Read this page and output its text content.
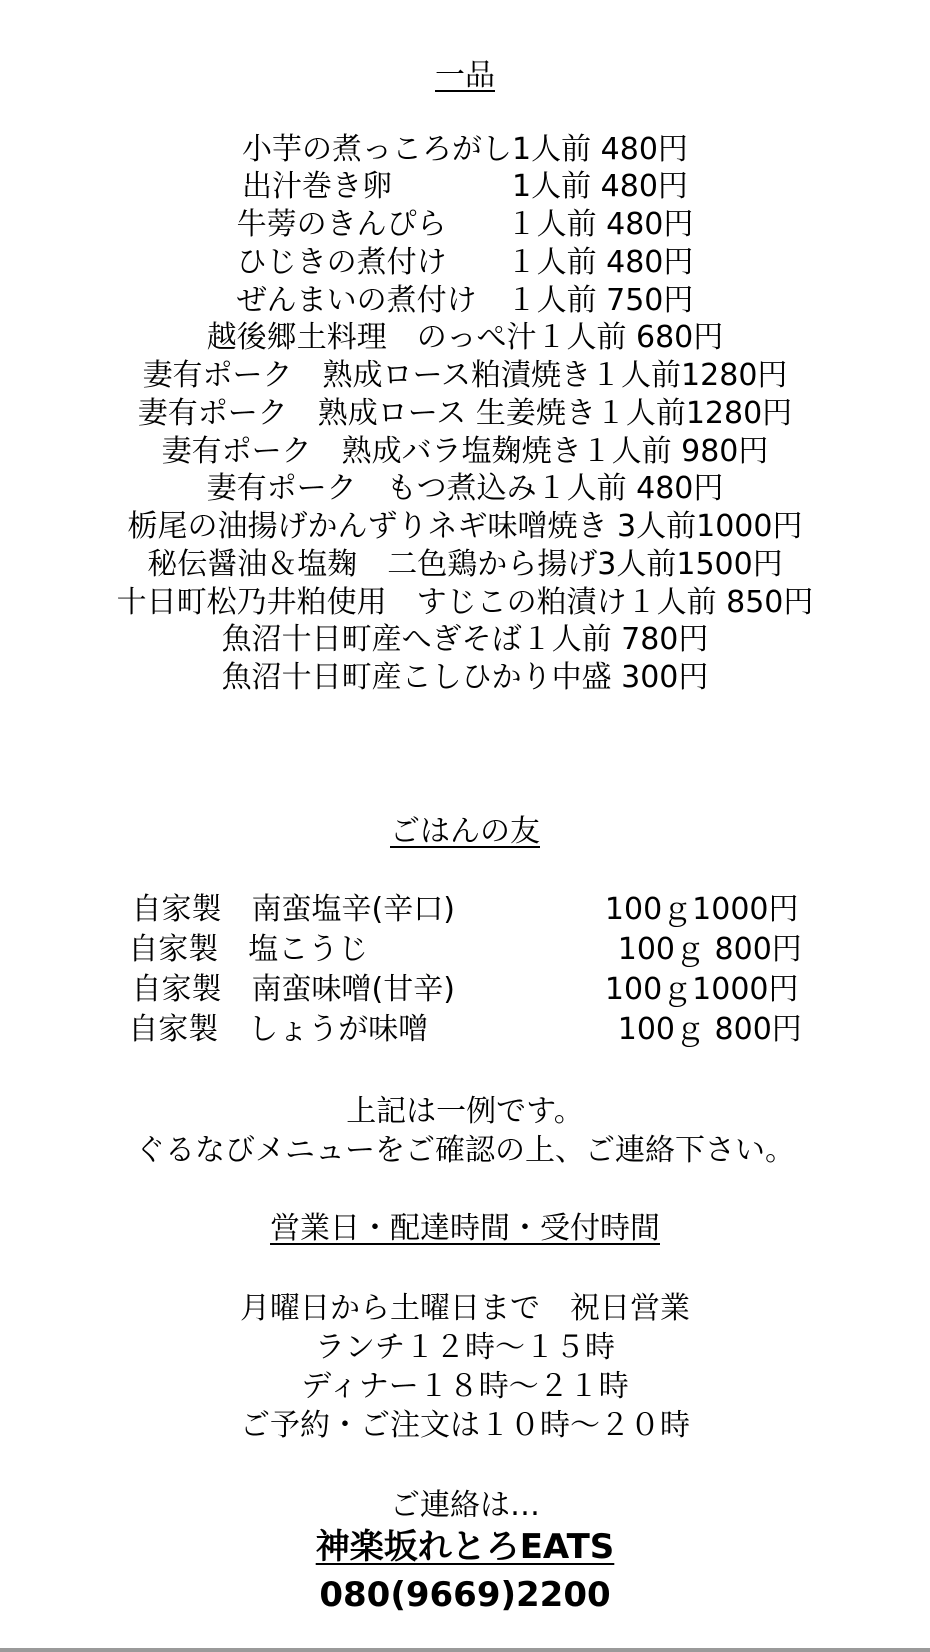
一品
小芋の煮っころがし1人前 480円
出汁巻き卵　　　　1人前 480円
牛蒡のきんぴら　　１人前 480円
ひじきの煮付け　　１人前 480円
ぜんまいの煮付け　１人前 750円
越後郷土料理　のっぺ汁１人前 680円
妻有ポーク　熟成ロース粕漬焼き１人前1280円
妻有ポーク　熟成ロース 生姜焼き１人前1280円
妻有ポーク　熟成バラ塩麹焼き１人前 980円
妻有ポーク　もつ煮込み１人前 480円
栃尾の油揚げかんずりネギ味噌焼き 3人前1000円
秘伝醤油＆塩麹　二色鶏から揚げ3人前1500円
十日町松乃井粕使用　すじこの粕漬け１人前 850円
魚沼十日町産へぎそば１人前 780円
魚沼十日町産こしひかり中盛 300円
ごはんの友
自家製　南蛮塩辛(辛口)　　　　　100ｇ1000円
自家製　塩こうじ　　　　　　　　 100ｇ 800円
自家製　南蛮味噌(甘辛)　　　　　100ｇ1000円
自家製　しょうが味噌　　　　　　 100ｇ 800円
上記は一例です。
ぐるなびメニューをご確認の上、ご連絡下さい。
営業日・配達時間・受付時間
月曜日から土曜日まで　祝日営業
ランチ１２時〜１５時
ディナー１８時〜２１時
ご予約・ご注文は１０時〜２０時
ご連絡は…
神楽坂れとろEATS
080(9669)2200
